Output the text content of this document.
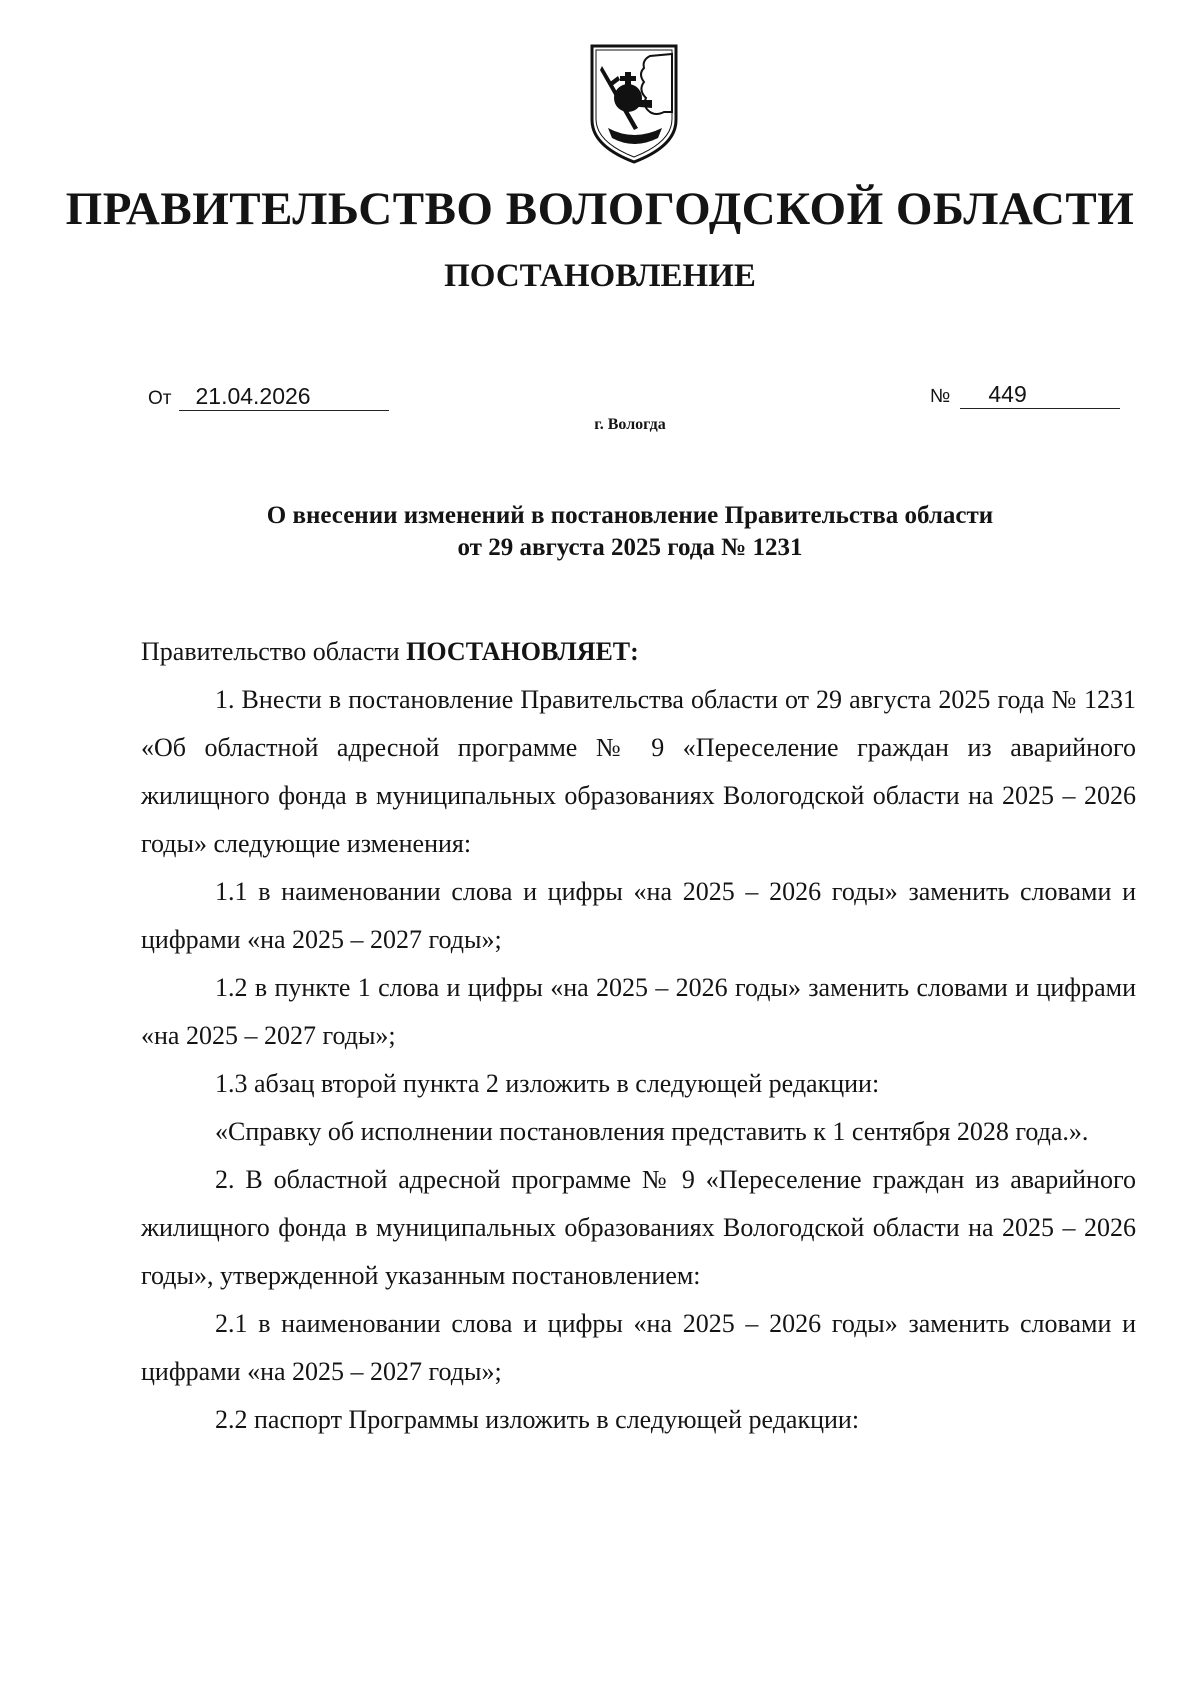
ПРАВИТЕЛЬСТВО ВОЛОГОДСКОЙ ОБЛАСТИ
ПОСТАНОВЛЕНИЕ
От 21.04.2026	№ 449
г. Вологда
О внесении изменений в постановление Правительства области
от 29 августа 2025 года № 1231

Правительство области ПОСТАНОВЛЯЕТ:

1. Внести в постановление Правительства области от 29 августа 2025 года № 1231 «Об областной адресной программе № 9 «Переселение граждан из аварийного жилищного фонда в муниципальных образованиях Вологодской области на 2025 – 2026 годы» следующие изменения:

1.1 в наименовании слова и цифры «на 2025 – 2026 годы» заменить словами и цифрами «на 2025 – 2027 годы»;

1.2 в пункте 1 слова и цифры «на 2025 – 2026 годы» заменить словами и цифрами «на 2025 – 2027 годы»;

1.3 абзац второй пункта 2 изложить в следующей редакции:

«Справку об исполнении постановления представить к 1 сентября 2028 года.».

2. В областной адресной программе № 9 «Переселение граждан из аварийного жилищного фонда в муниципальных образованиях Вологодской области на 2025 – 2026 годы», утвержденной указанным постановлением:

2.1 в наименовании слова и цифры «на 2025 – 2026 годы» заменить словами и цифрами «на 2025 – 2027 годы»;

2.2 паспорт Программы изложить в следующей редакции:
